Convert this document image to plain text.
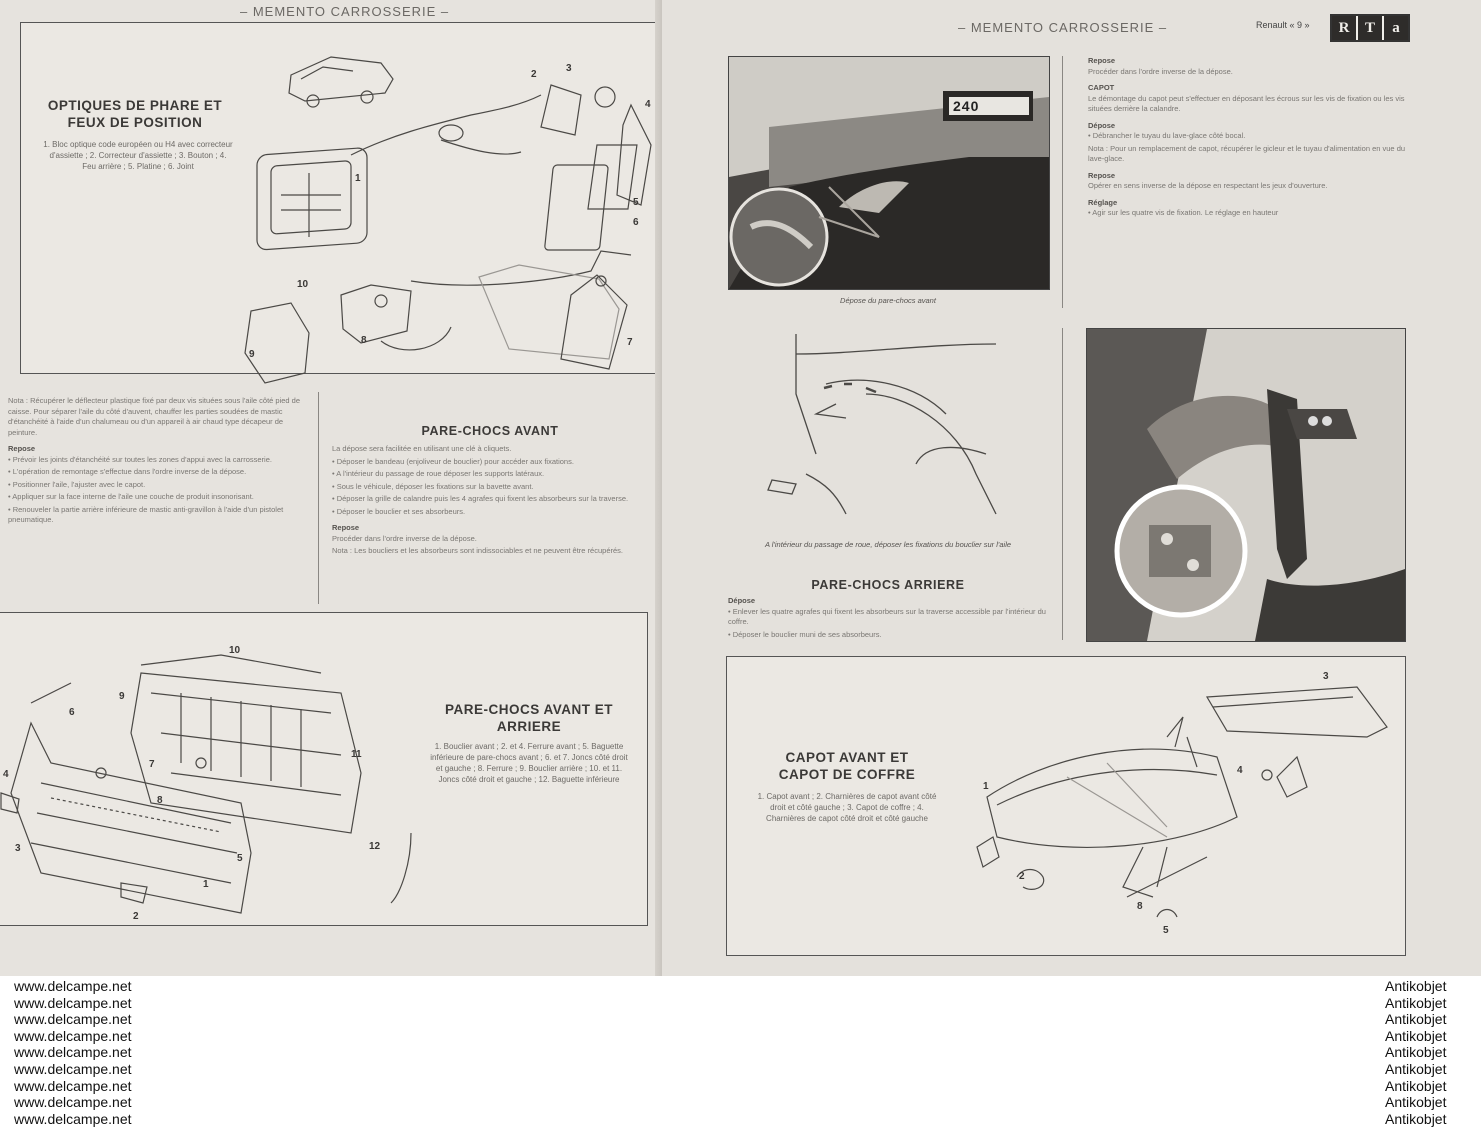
– MEMENTO CARROSSERIE –
OPTIQUES DE PHARE ET
FEUX DE POSITION
1. Bloc optique code européen ou H4 avec correcteur d'assiette ; 2. Correcteur d'assiette ; 3. Bouton ; 4. Feu arrière ; 5. Platine ; 6. Joint
1
2
3
4
5
6
7
8
9
10

Nota : Récupérer le déflecteur plastique fixé par deux vis situées sous l'aile côté pied de caisse. Pour séparer l'aile du côté d'auvent, chauffer les parties soudées de mastic d'étanchéité à l'aide d'un chalumeau ou d'un appareil à air chaud type décapeur de peinture.

Repose

• Prévoir les joints d'étanchéité sur toutes les zones d'appui avec la carrosserie.

• L'opération de remontage s'effectue dans l'ordre inverse de la dépose.

• Positionner l'aile, l'ajuster avec le capot.

• Appliquer sur la face interne de l'aile une couche de produit insonorisant.

• Renouveler la partie arrière inférieure de mastic anti-gravillon à l'aide d'un pistolet pneumatique.

PARE-CHOCS AVANT

La dépose sera facilitée en utilisant une clé à cliquets.

• Déposer le bandeau (enjoliveur de bouclier) pour accéder aux fixations.

• A l'intérieur du passage de roue déposer les supports latéraux.

• Sous le véhicule, déposer les fixations sur la bavette avant.

• Déposer la grille de calandre puis les 4 agrafes qui fixent les absorbeurs sur la traverse.

• Déposer le bouclier et ses absorbeurs.

Repose

Procéder dans l'ordre inverse de la dépose.

Nota : Les boucliers et les absorbeurs sont indissociables et ne peuvent être récupérés.

10
9
6
7
8
11
12
4
3
2
1
5
PARE-CHOCS AVANT ET
ARRIERE
1. Bouclier avant ; 2. et 4. Ferrure avant ; 5. Baguette inférieure de pare-chocs avant ; 6. et 7. Joncs côté droit et gauche ; 8. Ferrure ; 9. Bouclier arrière ; 10. et 11. Joncs côté droit et gauche ; 12. Baguette inférieure
– MEMENTO CARROSSERIE –
240
Dépose du pare-chocs avant
Repose

Procéder dans l'ordre inverse de la dépose.

CAPOT

Le démontage du capot peut s'effectuer en déposant les écrous sur les vis de fixation ou les vis situées derrière la calandre.

Dépose

• Débrancher le tuyau du lave-glace côté bocal.

Nota : Pour un remplacement de capot, récupérer le gicleur et le tuyau d'alimentation en vue du lave-glace.

Repose

Opérer en sens inverse de la dépose en respectant les jeux d'ouverture.

Réglage

• Agir sur les quatre vis de fixation. Le réglage en hauteur

A l'intérieur du passage de roue, déposer les fixations du bouclier sur l'aile
PARE-CHOCS ARRIERE
Dépose

• Enlever les quatre agrafes qui fixent les absorbeurs sur la traverse accessible par l'intérieur du coffre.

• Déposer le bouclier muni de ses absorbeurs.

CAPOT AVANT ET
CAPOT DE COFFRE
1. Capot avant ; 2. Charnières de capot avant côté droit et côté gauche ; 3. Capot de coffre ; 4. Charnières de capot côté droit et côté gauche
1
2
3
4
5
8
Renault « 9 »	R	T	a
www.delcampe.net
www.delcampe.net
www.delcampe.net
www.delcampe.net
www.delcampe.net
www.delcampe.net
www.delcampe.net
www.delcampe.net
www.delcampe.net
Antikobjet
Antikobjet
Antikobjet
Antikobjet
Antikobjet
Antikobjet
Antikobjet
Antikobjet
Antikobjet
